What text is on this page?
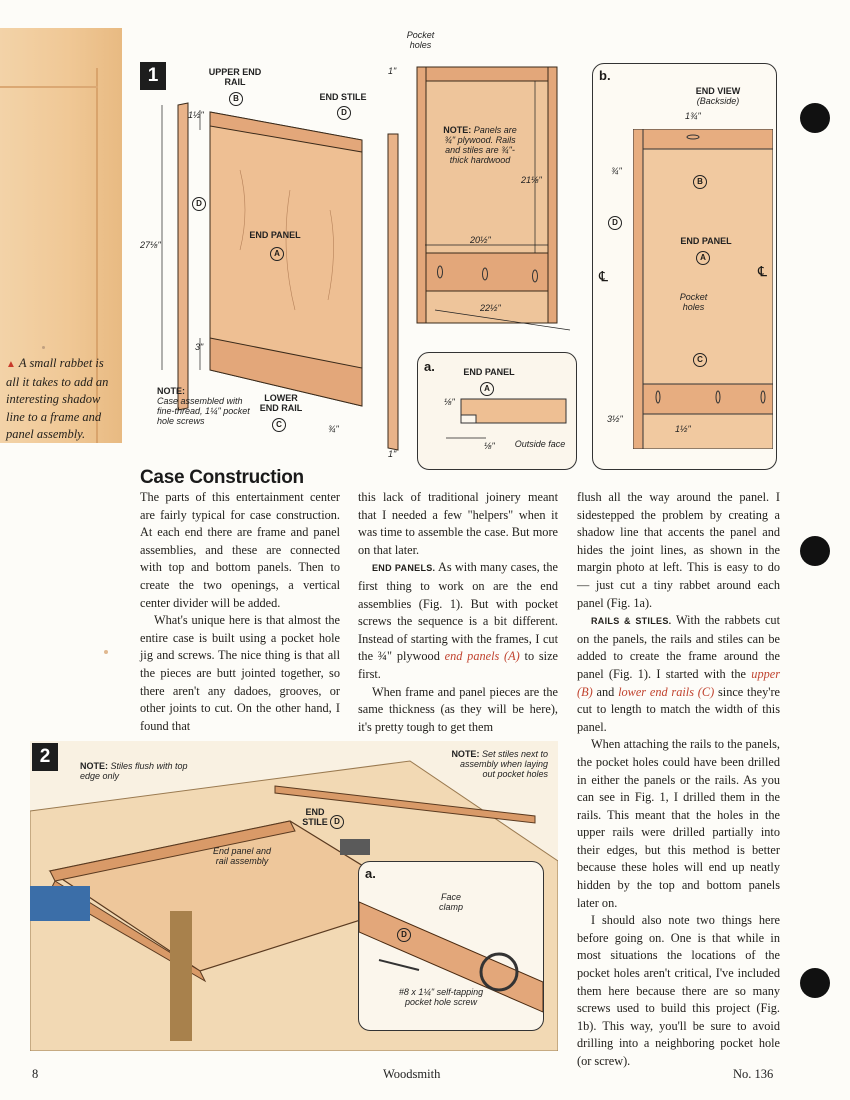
▲ A small rabbet is all it takes to add an interesting shadow line to a frame and panel assembly.
1	UPPER END RAIL
B	END STILE
D
Pocket holes
1½"
D
27⅛"
END PANEL
A
3"
NOTE:
Case assembled with fine-thread, 1¼" pocket hole screws
LOWER END RAIL
C	¾"
1"
1"
NOTE: Panels are ¾" plywood. Rails and stiles are ¾"-thick hardwood
21⅛"
20½"
22½"
a.	END PANEL
A
⅛"
⅛"	Outside face
b.
END VIEW
(Backside)
1¾"
¾"
B
D
END PANEL
A
℄	℄
Pocket holes
C
3½"
1½"
Case Construction

The parts of this entertainment center are fairly typical for case construction. At each end there are frame and panel assemblies, and these are connected with top and bottom panels. Then to create the two openings, a vertical center divider will be added.

What's unique here is that almost the entire case is built using a pocket hole jig and screws. The nice thing is that all the pieces are butt jointed together, so there aren't any dadoes, grooves, or other joints to cut. On the other hand, I found that

this lack of traditional joinery meant that I needed a few "helpers" when it was time to assemble the case. But more on that later.

END PANELS. As with many cases, the first thing to work on are the end assemblies (Fig. 1). But with pocket screws the sequence is a bit different. Instead of starting with the frames, I cut the ¾" plywood end panels (A) to size first.

When frame and panel pieces are the same thickness (as they will be here), it's pretty tough to get them

flush all the way around the panel. I sidestepped the problem by creating a shadow line that accents the panel and hides the joint lines, as shown in the margin photo at left. This is easy to do — just cut a tiny rabbet around each panel (Fig. 1a).

RAILS & STILES. With the rabbets cut on the panels, the rails and stiles can be added to create the frame around the panel (Fig. 1). I started with the upper (B) and lower end rails (C) since they're cut to length to match the width of this panel.

When attaching the rails to the panels, the pocket holes could have been drilled in either the panels or the rails. As you can see in Fig. 1, I drilled them in the rails. This meant that the holes in the upper rails were drilled partially into their edges, but this method is better because these holes will end up neatly hidden by the top and bottom panels later on.

I should also note two things here before going on. One is that while in most situations the locations of the pocket holes aren't critical, I've included them here because there are so many screws used to build this project (Fig. 1b). This way, you'll be sure to avoid drilling into a neighboring pocket hole (or screw).

2	NOTE: Stiles flush with top edge only
NOTE: Set stiles next to assembly when laying out pocket holes
END STILE D
End panel and rail assembly
a.
Face clamp
D
#8 x 1¼" self-tapping pocket hole screw
8	Woodsmith	No. 136
